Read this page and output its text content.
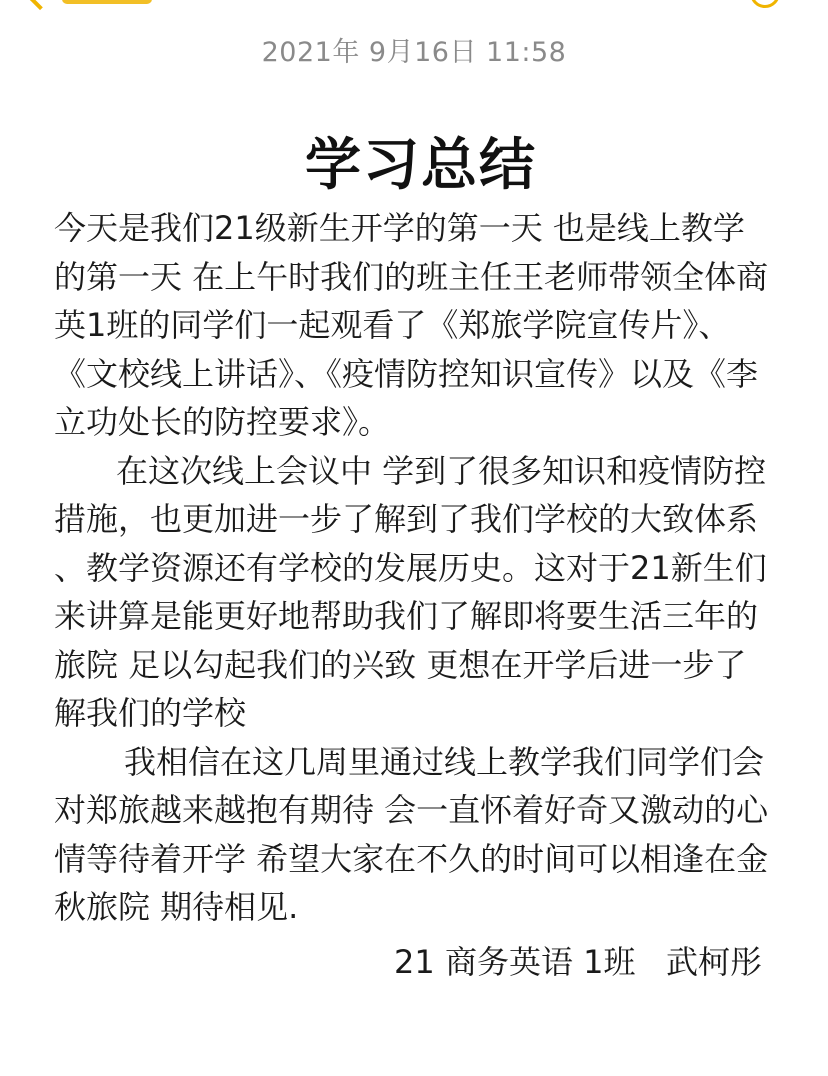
2021年 9月16日 11:58
学习总结

今天是我们21级新生开学的第一天 也是线上教学的第一天 在上午时我们的班主任王老师带领全体商英1班的同学们一起观看了《郑旅学院宣传片》、《文校线上讲话》、《疫情防控知识宣传》以及《李立功处长的防控要求》。

在这次线上会议中 学到了很多知识和疫情防控措施，也更加进一步了解到了我们学校的大致体系 、教学资源还有学校的发展历史。这对于21新生们来讲算是能更好地帮助我们了解即将要生活三年的旅院 足以勾起我们的兴致 更想在开学后进一步了解我们的学校

我相信在这几周里通过线上教学我们同学们会对郑旅越来越抱有期待 会一直怀着好奇又激动的心情等待着开学 希望大家在不久的时间可以相逢在金秋旅院 期待相见.

21 商务英语 1班   武柯彤
